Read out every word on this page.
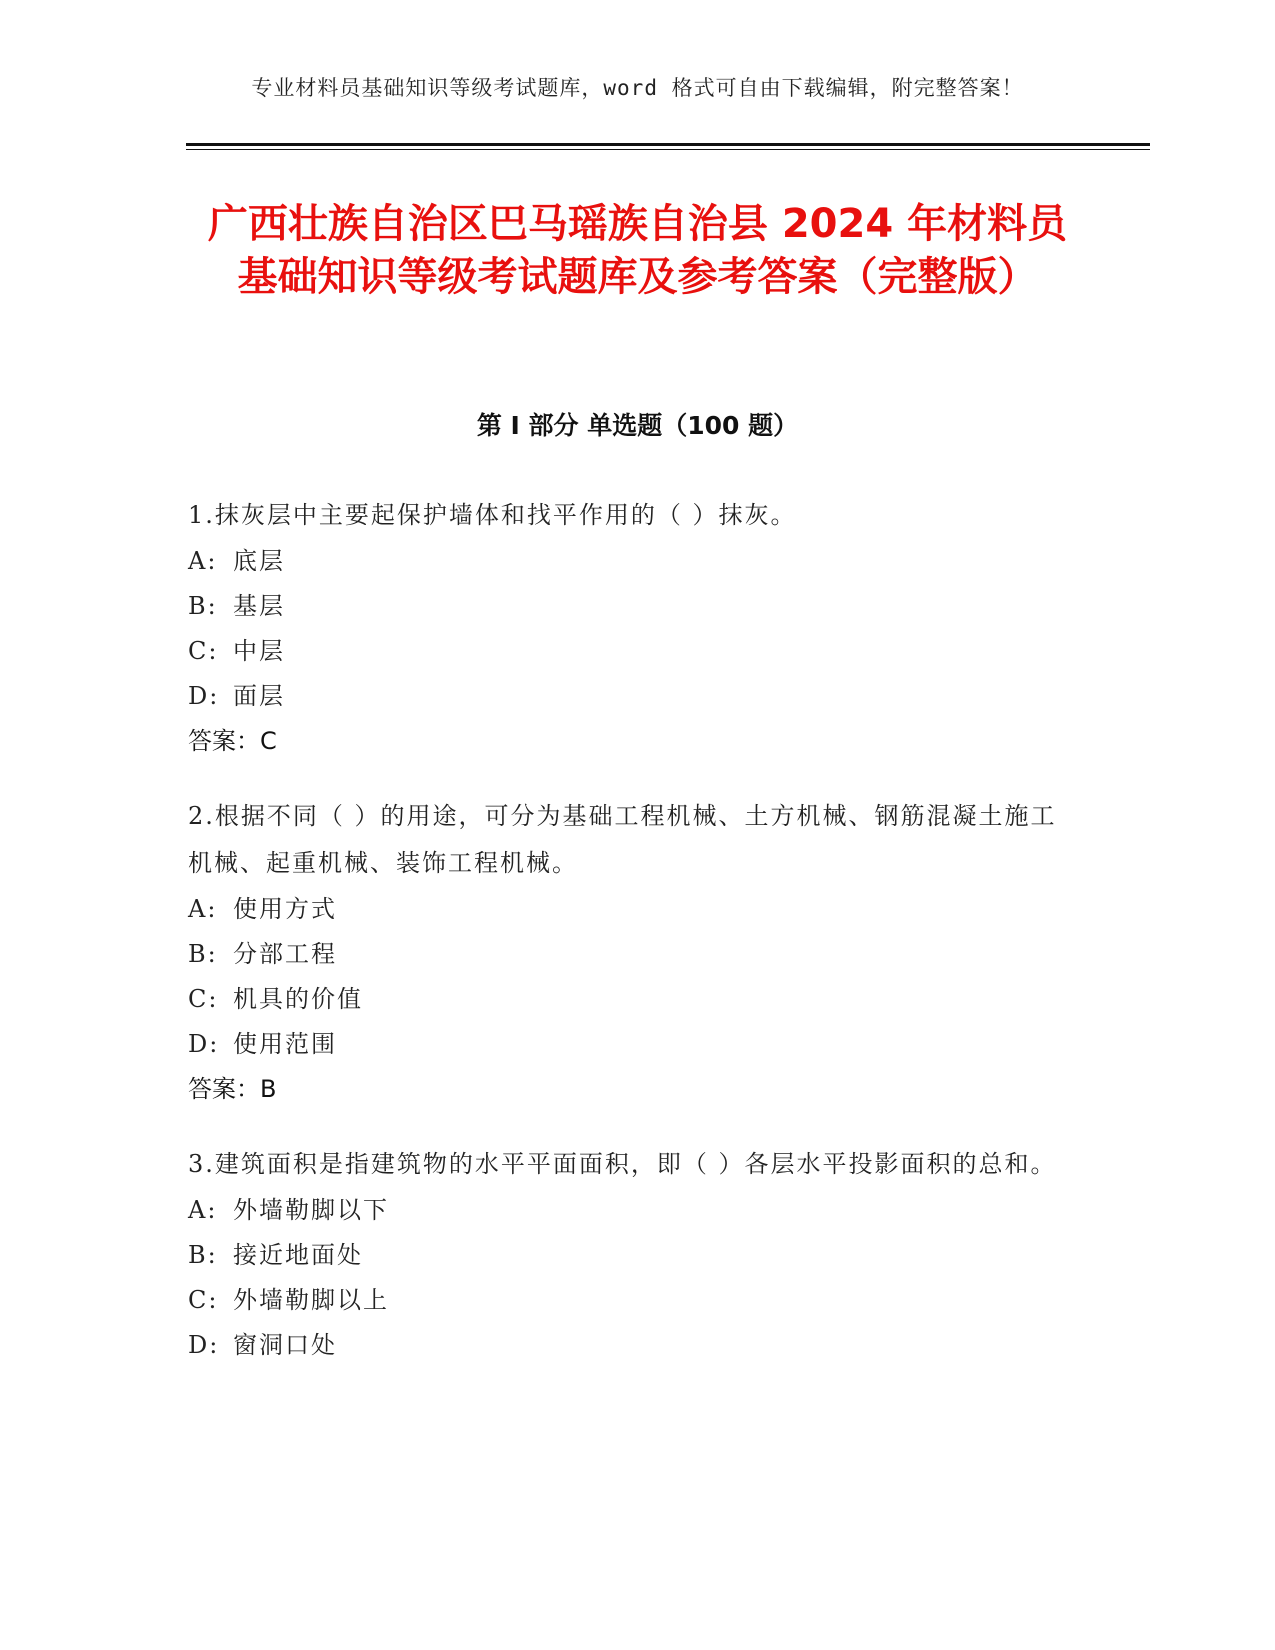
专业材料员基础知识等级考试题库，word 格式可自由下载编辑，附完整答案！
广西壮族自治区巴马瑶族自治县 2024 年材料员基础知识等级考试题库及参考答案（完整版）
第 I 部分 单选题（100 题）
1.抹灰层中主要起保护墙体和找平作用的（ ）抹灰。
A: 底层
B: 基层
C: 中层
D: 面层
答案：C
2.根据不同（ ）的用途，可分为基础工程机械、土方机械、钢筋混凝土施工机械、起重机械、装饰工程机械。
A: 使用方式
B: 分部工程
C: 机具的价值
D: 使用范围
答案：B
3.建筑面积是指建筑物的水平平面面积，即（ ）各层水平投影面积的总和。
A: 外墙勒脚以下
B: 接近地面处
C: 外墙勒脚以上
D: 窗洞口处
